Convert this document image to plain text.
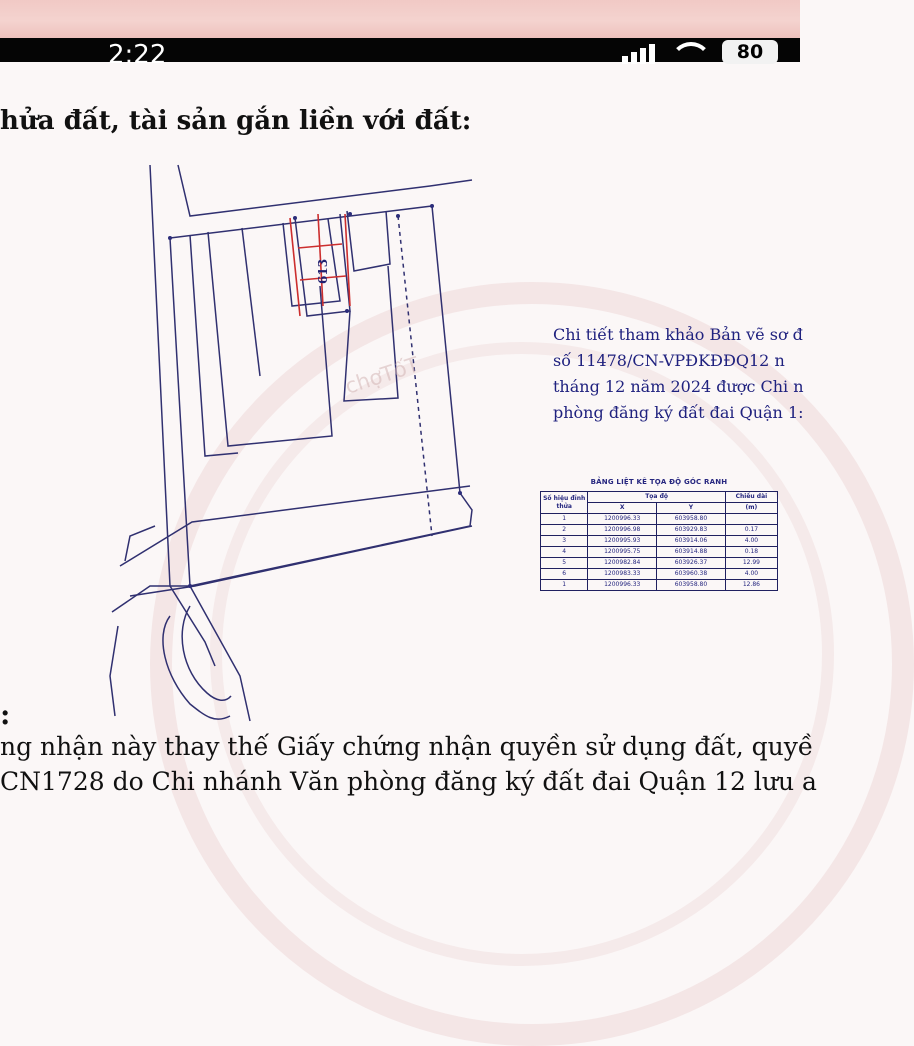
2:22	80
hửa đất, tài sản gắn liền với đất:
613
chợTốT
Chi tiết tham khảo Bản vẽ sơ đ
số 11478/CN-VPĐKĐĐQ12 n
tháng 12 năm 2024 được Chi n
phòng đăng ký đất đai Quận 1:
BẢNG LIỆT KÊ TỌA ĐỘ GÓC RANH
Số hiệu đỉnh thửa	Tọa độ		Chiều dài
	X	Y	(m)
1	1200996.33	603958.80	
2	1200996.98	603929.83	0.17
3	1200995.93	603914.06	4.00
4	1200995.75	603914.88	0.18
5	1200982.84	603926.37	12.99
6	1200983.33	603960.38	4.00
1	1200996.33	603958.80	12.86
:
ng nhận này thay thế Giấy chứng nhận quyền sử dụng đất, quyề
CN1728 do Chi nhánh Văn phòng đăng ký đất đai Quận 12 lưu a
